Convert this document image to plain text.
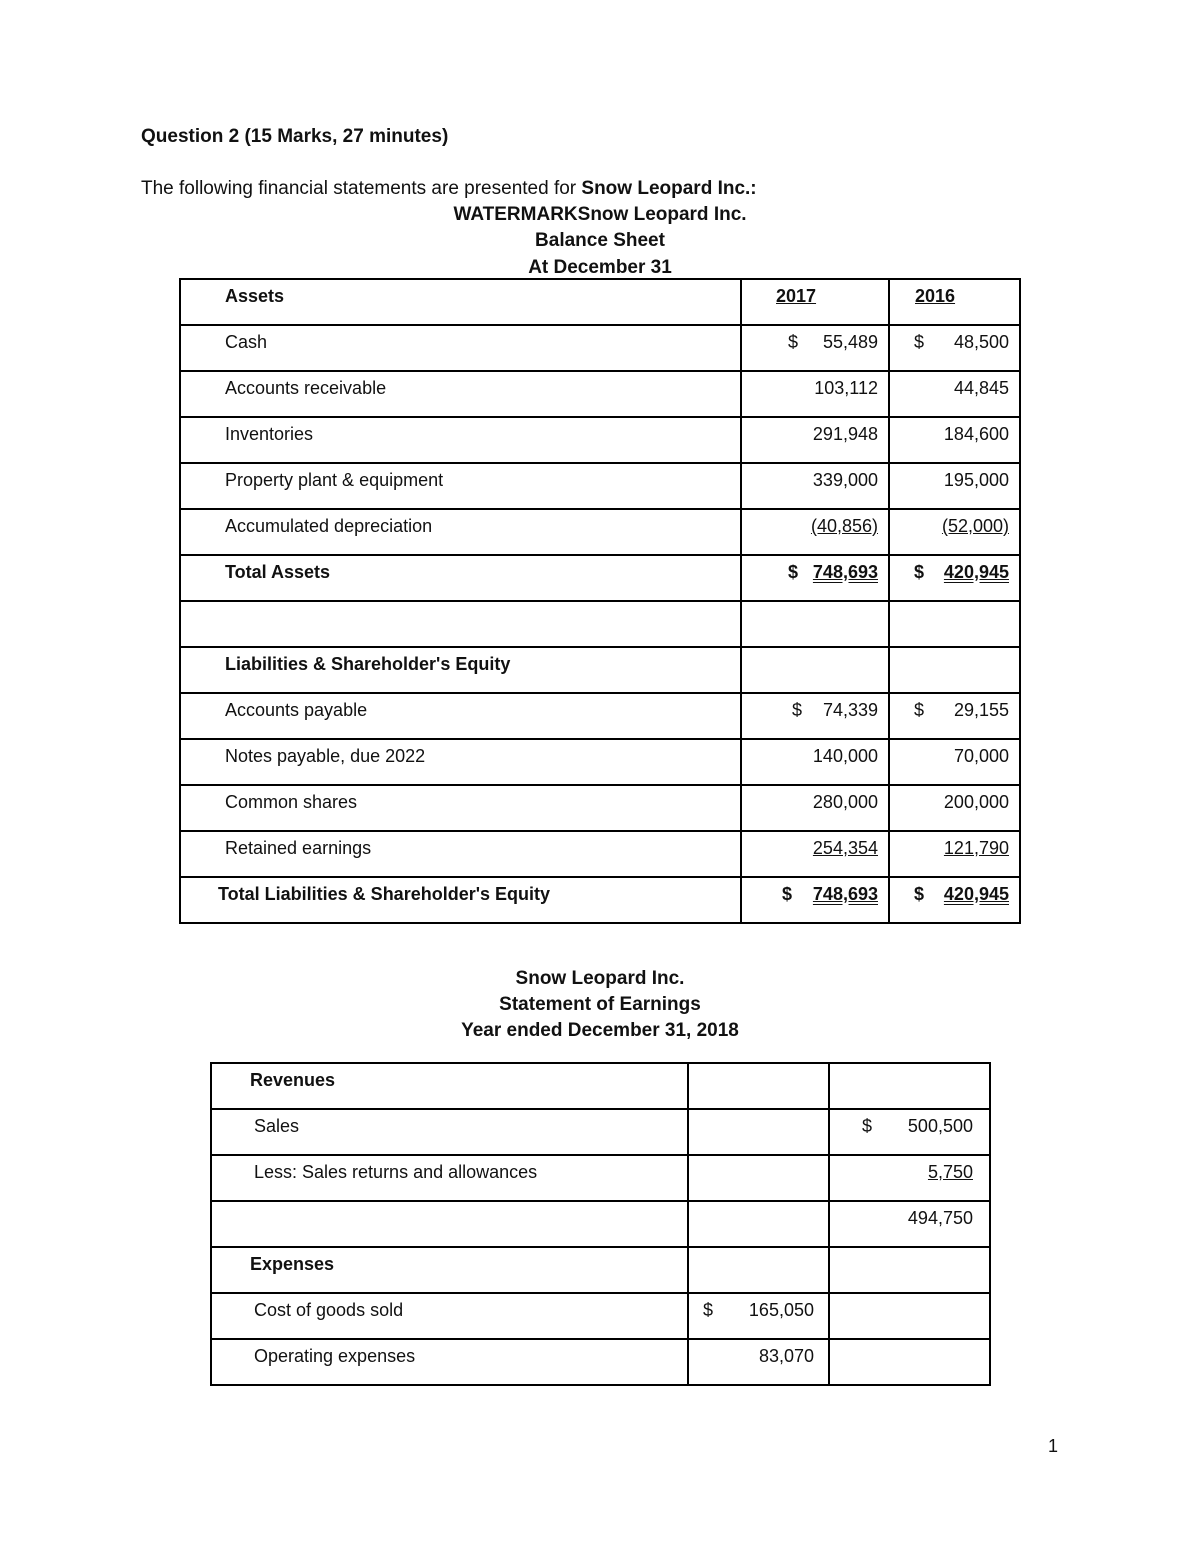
Question 2 (15 Marks, 27 minutes)
The following financial statements are presented for Snow Leopard Inc.:
WATERMARKSnow Leopard Inc.
Balance Sheet
At December 31
Assets	2017	2016

Cash	$ 55,489	$ 48,500

Accounts receivable	103,112	44,845

Inventories	291,948	184,600

Property plant & equipment	339,000	195,000

Accumulated depreciation	(40,856)	(52,000)

Total Assets	$ 748,693	$ 420,945

Liabilities & Shareholder's Equity		

Accounts payable	$ 74,339	$ 29,155

Notes payable, due 2022	140,000	70,000

Common shares	280,000	200,000

Retained earnings	254,354	121,790

Total Liabilities & Shareholder's Equity	$ 748,693	$ 420,945
Snow Leopard Inc.
Statement of Earnings
Year ended December 31, 2018
Revenues		

Sales		$ 500,500

Less: Sales returns and allowances		5,750

		494,750

Expenses		

Cost of goods sold	$ 165,050	

Operating expenses	83,070	

1
